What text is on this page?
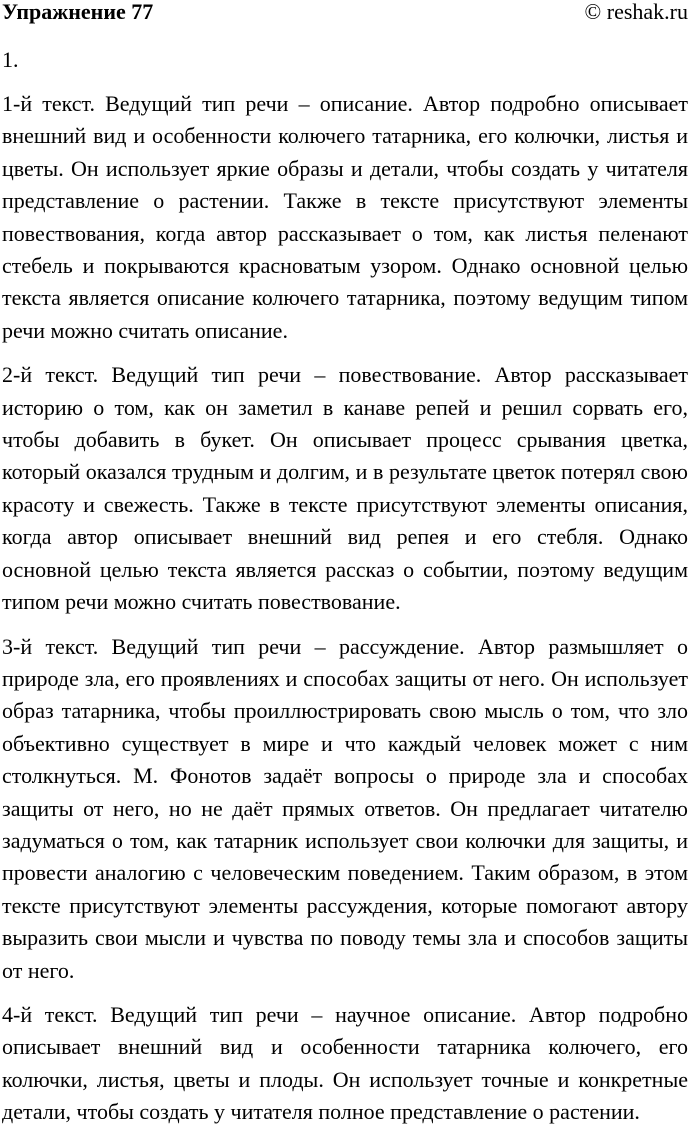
Упражнение 77	© reshak.ru
1.

1-й текст. Ведущий тип речи – описание. Автор подробно описывает внешний вид и особенности колючего татарника, его колючки, листья и цветы. Он использует яркие образы и детали, чтобы создать у читателя представление о растении. Также в тексте присутствуют элементы повествования, когда автор рассказывает о том, как листья пеленают стебель и покрываются красноватым узором. Однако основной целью текста является описание колючего татарника, поэтому ведущим типом речи можно считать описание.

2-й текст. Ведущий тип речи – повествование. Автор рассказывает историю о том, как он заметил в канаве репей и решил сорвать его, чтобы добавить в букет. Он описывает процесс срывания цветка, который оказался трудным и долгим, и в результате цветок потерял свою красоту и свежесть. Также в тексте присутствуют элементы описания, когда автор описывает внешний вид репея и его стебля. Однако основной целью текста является рассказ о событии, поэтому ведущим типом речи можно считать повествование.

3-й текст. Ведущий тип речи – рассуждение. Автор размышляет о природе зла, его проявлениях и способах защиты от него. Он использует образ татарника, чтобы проиллюстрировать свою мысль о том, что зло объективно существует в мире и что каждый человек может с ним столкнуться. М. Фонотов задаёт вопросы о природе зла и способах защиты от него, но не даёт прямых ответов. Он предлагает читателю задуматься о том, как татарник использует свои колючки для защиты, и провести аналогию с человеческим поведением. Таким образом, в этом тексте присутствуют элементы рассуждения, которые помогают автору выразить свои мысли и чувства по поводу темы зла и способов защиты от него.

4-й текст. Ведущий тип речи – научное описание. Автор подробно описывает внешний вид и особенности татарника колючего, его колючки, листья, цветы и плоды. Он использует точные и конкретные детали, чтобы создать у читателя полное представление о растении.
